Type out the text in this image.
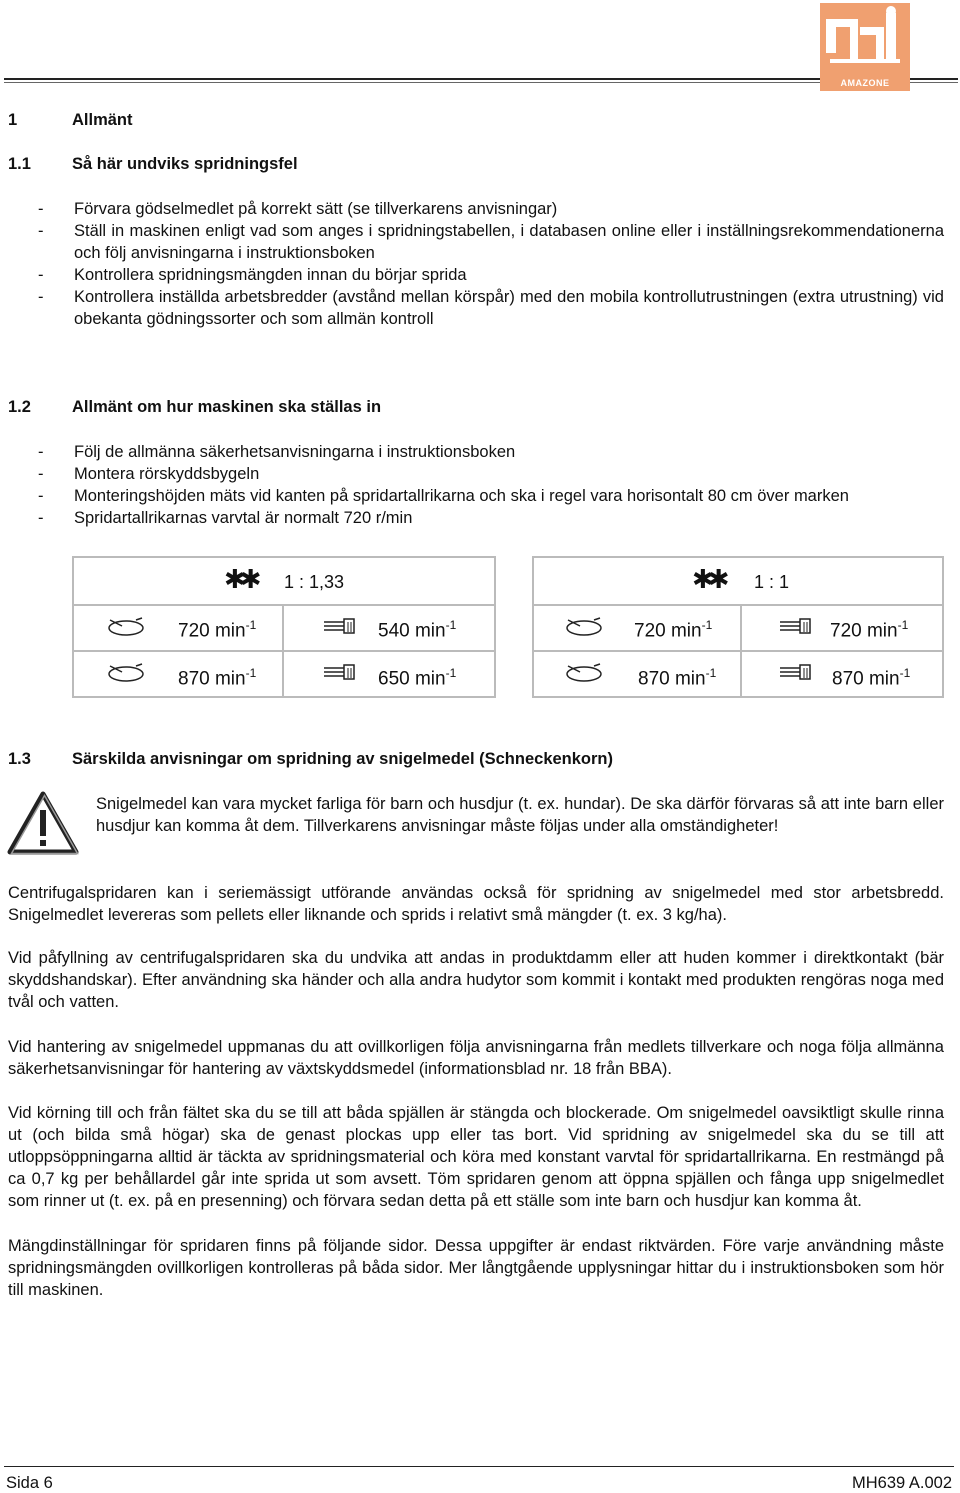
AMAZONE
1	Allmänt
1.1 Så här undviks spridningsfel
- Förvara gödselmedlet på korrekt sätt (se tillverkarens anvisningar)
- Ställ in maskinen enligt vad som anges i spridningstabellen, i databasen online eller i inställningsrekommendationerna och följ anvisningarna i instruktionsboken
- Kontrollera spridningsmängden innan du börjar sprida
- Kontrollera inställda arbetsbredder (avstånd mellan körspår) med den mobila kontrollutrustningen (extra utrustning) vid obekanta gödningssorter och som allmän kontroll
1.2 Allmänt om hur maskinen ska ställas in
- Följ de allmänna säkerhetsanvisningarna i instruktionsboken
- Montera rörskyddsbygeln
- Monteringshöjden mäts vid kanten på spridartallrikarna och ska i regel vara horisontalt 80 cm över marken
- Spridartallrikarnas varvtal är normalt 720 r/min
✱✱ 1 : 1,33
720 $\min^{-1}$	540 $\min^{-1}$
870 $\min^{-1}$	650 $\min^{-1}$
✱✱ 1 : 1
720 $\min^{-1}$	720 $\min^{-1}$
870 $\min^{-1}$	870 $\min^{-1}$
1.3 Särskilda anvisningar om spridning av snigelmedel (Schneckenkorn)
Snigelmedel kan vara mycket farliga för barn och husdjur (t. ex. hundar). De ska därför förvaras så att inte barn eller husdjur kan komma åt dem. Tillverkarens anvisningar måste följas under alla omständigheter!
Centrifugalspridaren kan i seriemässigt utförande användas också för spridning av snigelmedel med stor arbetsbredd. Snigelmedlet levereras som pellets eller liknande och sprids i relativt små mängder (t. ex. 3 kg/ha).
Vid påfyllning av centrifugalspridaren ska du undvika att andas in produktdamm eller att huden kommer i direktkontakt (bär skyddshandskar). Efter användning ska händer och alla andra hudytor som kommit i kontakt med produkten rengöras noga med tvål och vatten.
Vid hantering av snigelmedel uppmanas du att ovillkorligen följa anvisningarna från medlets tillverkare och noga följa allmänna säkerhetsanvisningar för hantering av växtskyddsmedel (informationsblad nr. 18 från BBA).
Vid körning till och från fältet ska du se till att båda spjällen är stängda och blockerade. Om snigelmedel oavsiktligt skulle rinna ut (och bilda små högar) ska de genast plockas upp eller tas bort. Vid spridning av snigelmedel ska du se till att utloppsöppningarna alltid är täckta av spridningsmaterial och köra med konstant varvtal för spridartallrikarna. En restmängd på ca 0,7 kg per behållardel går inte sprida ut som avsett. Töm spridaren genom att öppna spjällen och fånga upp snigelmedlet som rinner ut (t. ex. på en presenning) och förvara sedan detta på ett ställe som inte barn och husdjur kan komma åt.
Mängdinställningar för spridaren finns på följande sidor. Dessa uppgifter är endast riktvärden. Före varje användning måste spridningsmängden ovillkorligen kontrolleras på båda sidor. Mer långtgående upplysningar hittar du i instruktionsboken som hör till maskinen.
Sida 6	MH639 A.002
